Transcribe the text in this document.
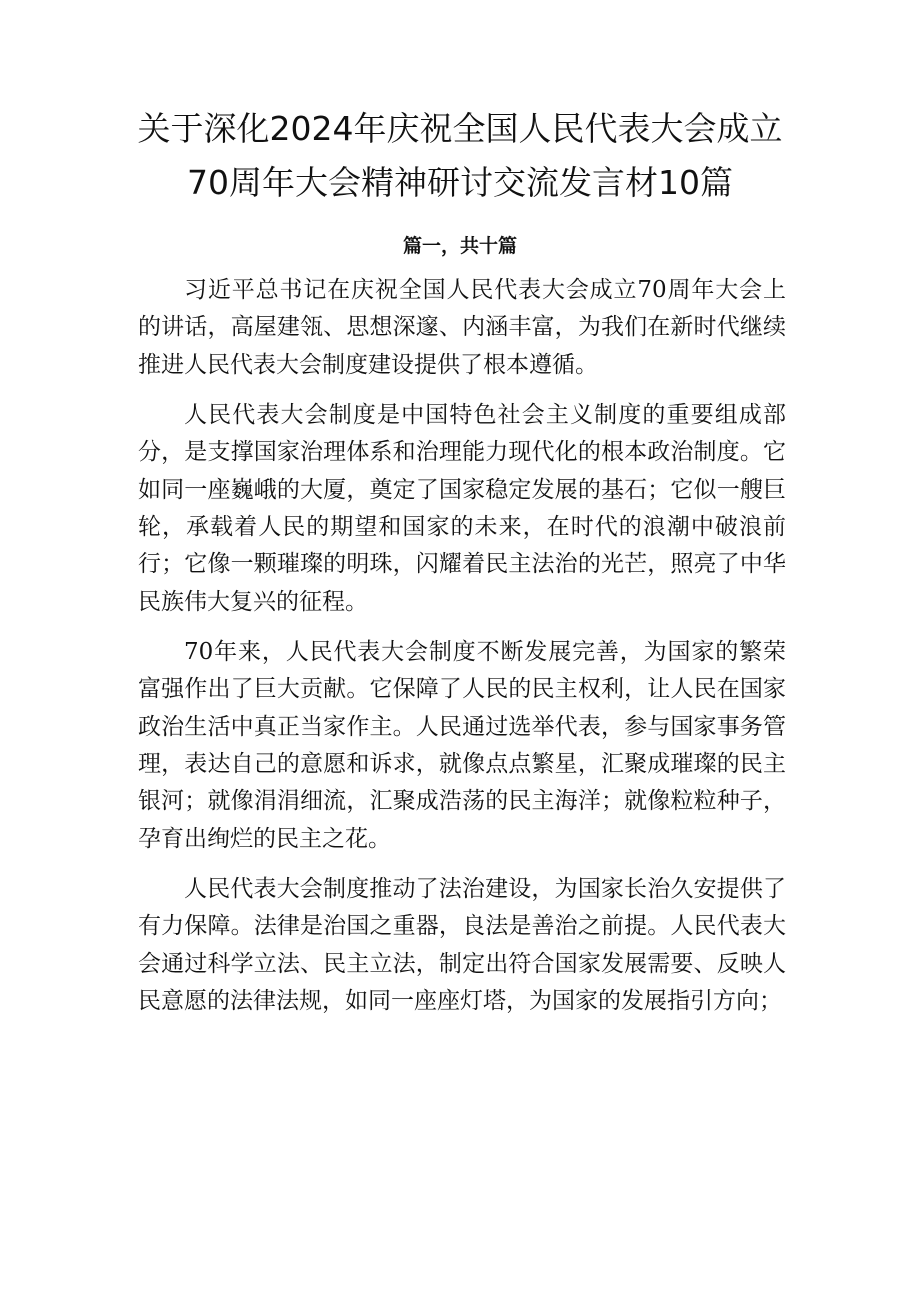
关于深化2024年庆祝全国人民代表大会成立70周年大会精神研讨交流发言材10篇
篇一，共十篇

习近平总书记在庆祝全国人民代表大会成立70周年大会上的讲话，高屋建瓴、思想深邃、内涵丰富，为我们在新时代继续推进人民代表大会制度建设提供了根本遵循。

人民代表大会制度是中国特色社会主义制度的重要组成部分，是支撑国家治理体系和治理能力现代化的根本政治制度。它如同一座巍峨的大厦，奠定了国家稳定发展的基石；它似一艘巨轮，承载着人民的期望和国家的未来，在时代的浪潮中破浪前行；它像一颗璀璨的明珠，闪耀着民主法治的光芒，照亮了中华民族伟大复兴的征程。

70年来，人民代表大会制度不断发展完善，为国家的繁荣富强作出了巨大贡献。它保障了人民的民主权利，让人民在国家政治生活中真正当家作主。人民通过选举代表，参与国家事务管理，表达自己的意愿和诉求，就像点点繁星，汇聚成璀璨的民主银河；就像涓涓细流，汇聚成浩荡的民主海洋；就像粒粒种子，孕育出绚烂的民主之花。

人民代表大会制度推动了法治建设，为国家长治久安提供了有力保障。法律是治国之重器，良法是善治之前提。人民代表大会通过科学立法、民主立法，制定出符合国家发展需要、反映人民意愿的法律法规，如同一座座灯塔，为国家的发展指引方向；
